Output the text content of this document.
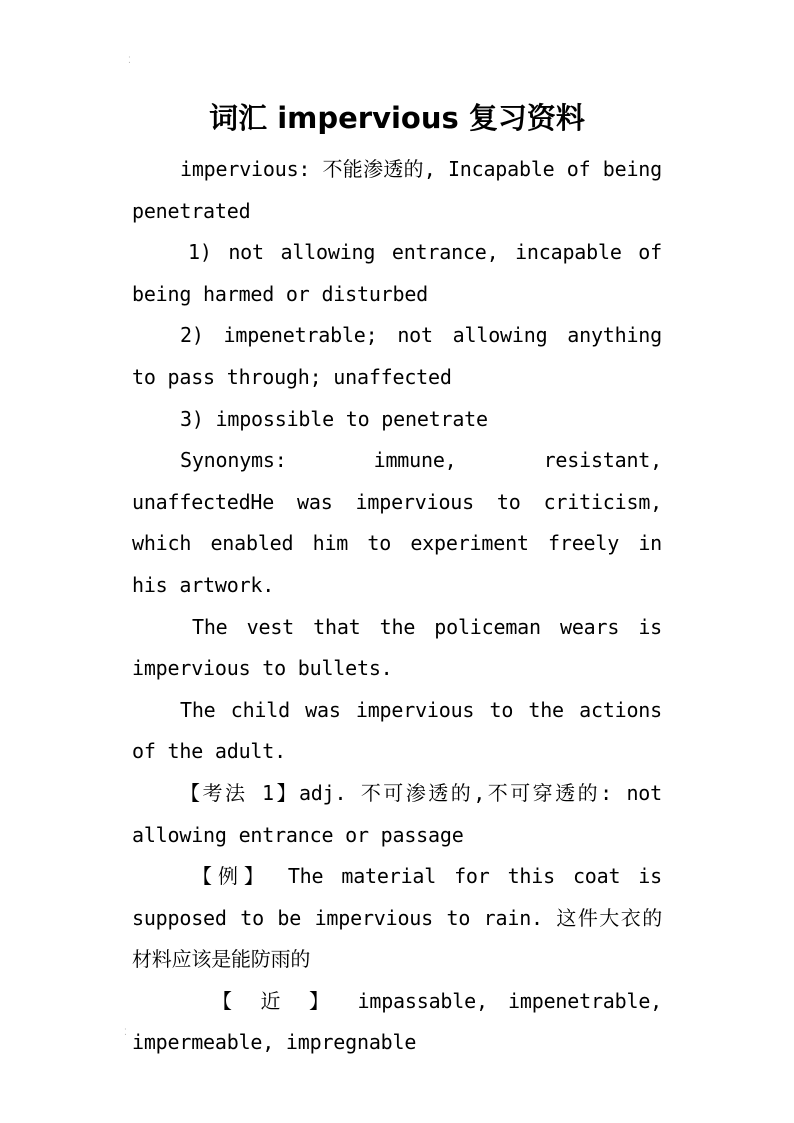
⁚
⁚
词汇 impervious 复习资料

impervious: 不能渗透的, Incapable of being penetrated

1) not allowing entrance, incapable of being harmed or disturbed

2) impenetrable; not allowing anything to pass through; unaffected

3) impossible to penetrate

Synonyms: immune, resistant, unaffectedHe was impervious to criticism, which enabled him to experiment freely in his artwork.

The vest that the policeman wears is impervious to bullets.

The child was impervious to the actions of the adult.

【考法 1】adj. 不可渗透的,不可穿透的: not allowing entrance or passage

【例】 The material for this coat is supposed to be impervious to rain. 这件大衣的材料应该是能防雨的

【 近 】 impassable, impenetrable, impermeable, impregnable
